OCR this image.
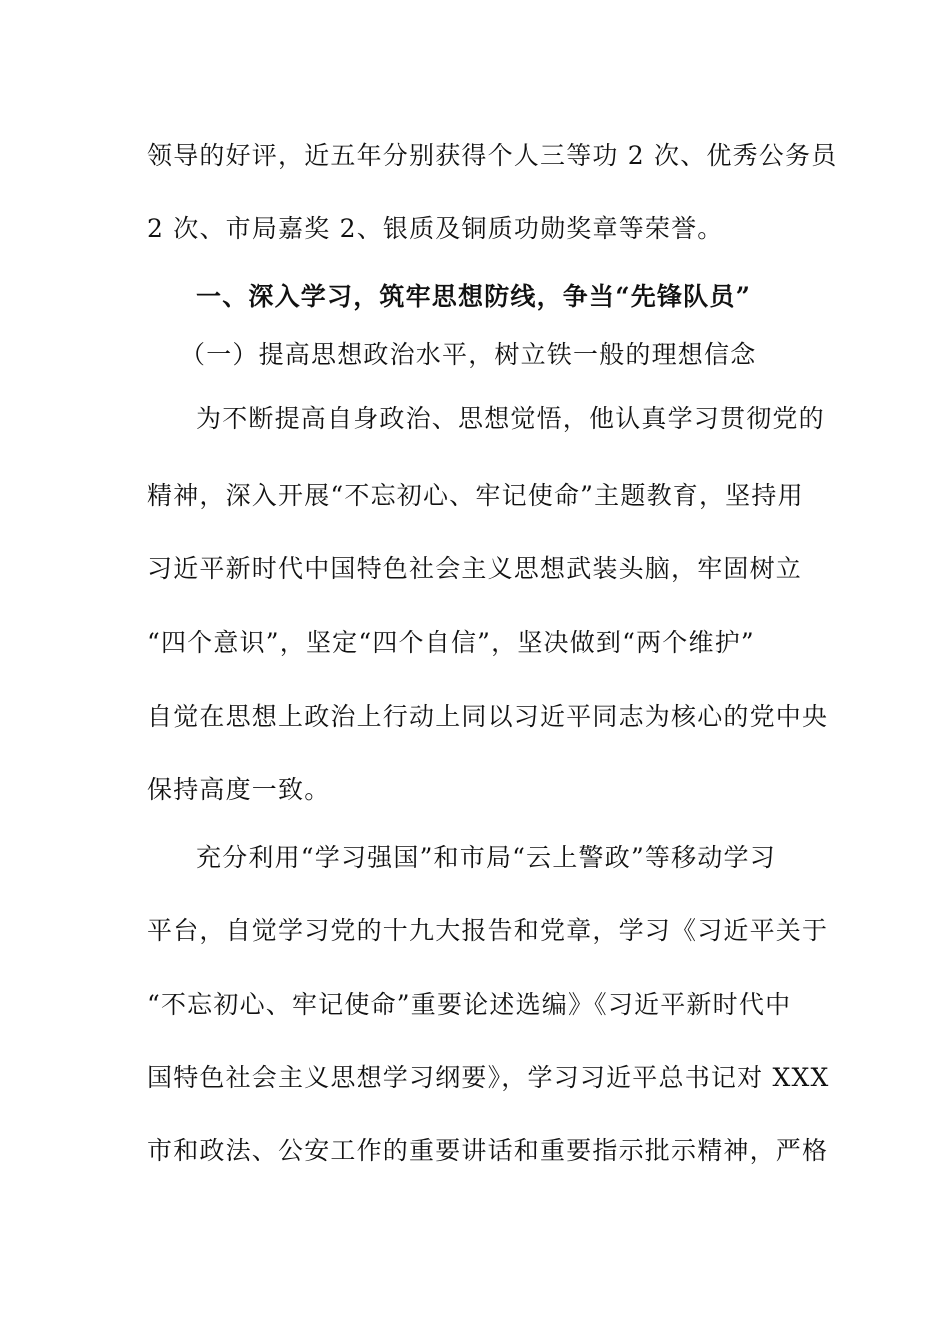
领导的好评，近五年分别获得个人三等功 2 次、优秀公务员
2 次、市局嘉奖 2、银质及铜质功勋奖章等荣誉。
一、深入学习，筑牢思想防线，争当“先锋队员”
（一）提高思想政治水平，树立铁一般的理想信念
为不断提高自身政治、思想觉悟，他认真学习贯彻党的
精神，深入开展“不忘初心、牢记使命”主题教育，坚持用
习近平新时代中国特色社会主义思想武装头脑，牢固树立
“四个意识”，坚定“四个自信”，坚决做到“两个维护”
自觉在思想上政治上行动上同以习近平同志为核心的党中央
保持高度一致。
充分利用“学习强国”和市局“云上警政”等移动学习
平台，自觉学习党的十九大报告和党章，学习《习近平关于
“不忘初心、牢记使命”重要论述选编》《习近平新时代中
国特色社会主义思想学习纲要》，学习习近平总书记对 XXX
市和政法、公安工作的重要讲话和重要指示批示精神，严格
